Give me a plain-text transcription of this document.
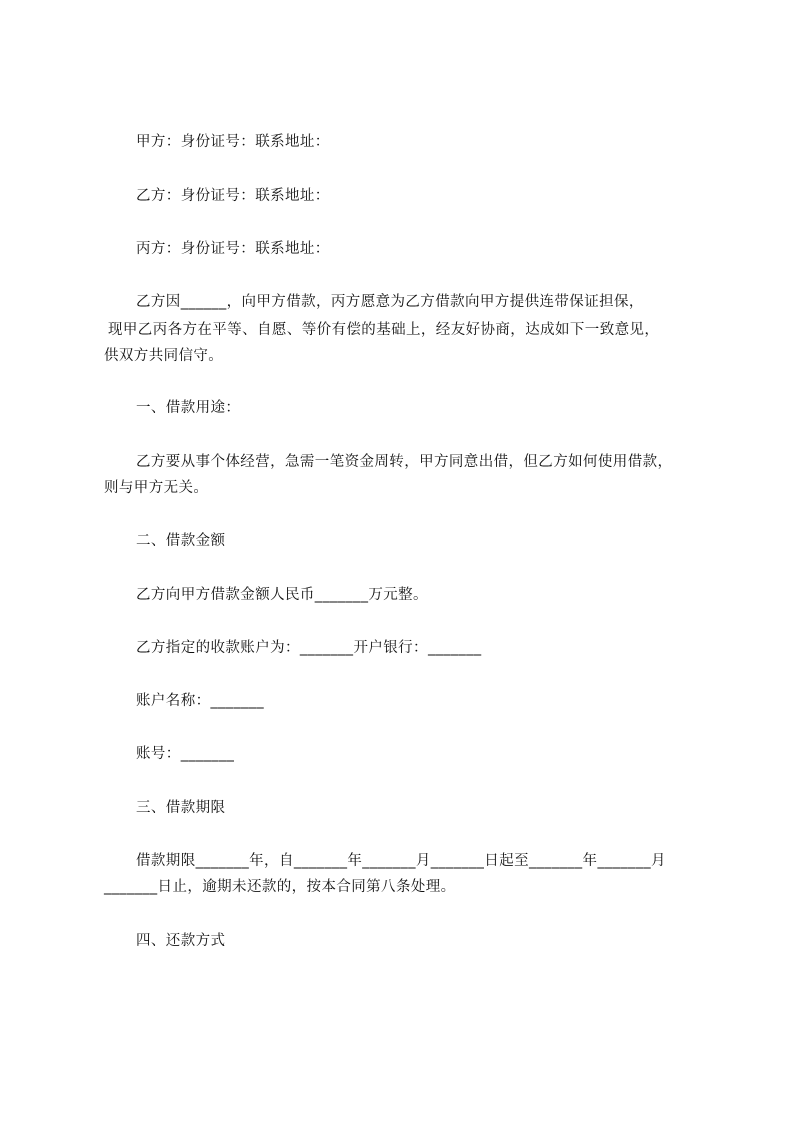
甲方：身份证号：联系地址：
乙方：身份证号：联系地址：
丙方：身份证号：联系地址：
乙方因______，向甲方借款，丙方愿意为乙方借款向甲方提供连带保证担保，
现甲乙丙各方在平等、自愿、等价有偿的基础上，经友好协商，达成如下一致意见，
供双方共同信守。
一、借款用途：
乙方要从事个体经营，急需一笔资金周转，甲方同意出借，但乙方如何使用借款，
则与甲方无关。
二、借款金额
乙方向甲方借款金额人民币_______万元整。
乙方指定的收款账户为：_______开户银行：_______
账户名称：_______
账号：_______
三、借款期限
借款期限_______年，自_______年_______月_______日起至_______年_______月
_______日止，逾期未还款的，按本合同第八条处理。
四、还款方式
